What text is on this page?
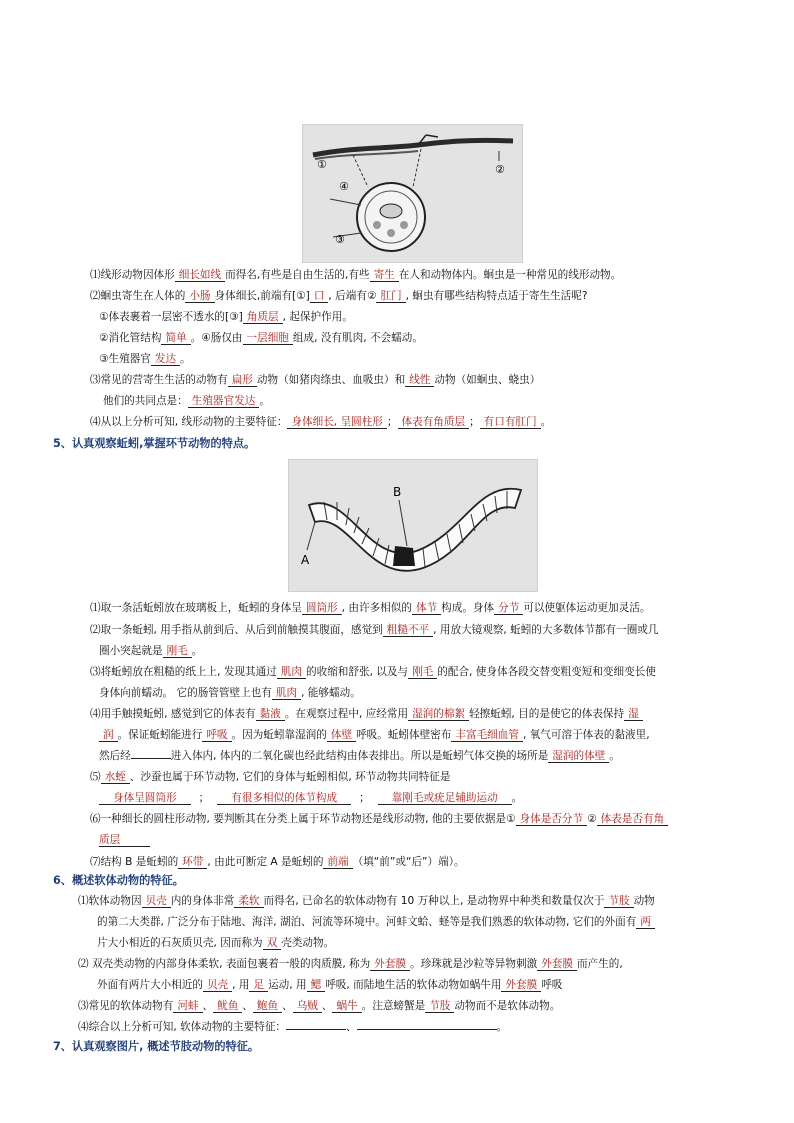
①	②
③
④
⑴线形动物因体形 细长如线 而得名,有些是自由生活的,有些 寄生 在人和动物体内。蛔虫是一种常见的线形动物。
⑵蛔虫寄生在人体的 小肠 身体细长,前端有[①] 口 , 后端有② 肛门 , 蛔虫有哪些结构特点适于寄生生活呢?
①体表裹着一层密不透水的[③] 角质层 , 起保护作用。
②消化管结构 简单 。④肠仅由 一层细胞 组成, 没有肌肉, 不会蠕动。
③生殖器官 发达 。
⑶常见的营寄生生活的动物有 扁形 动物（如猪肉绦虫、血吸虫）和 线性 动物（如蛔虫、蛲虫）
他们的共同点是： 生殖器官发达 。
⑷从以上分析可知, 线形动物的主要特征： 身体细长, 呈圆柱形 ； 体表有角质层 ； 有口有肛门 。
5、认真观察蚯蚓,掌握环节动物的特点。
B
A
⑴取一条活蚯蚓放在玻璃板上，蚯蚓的身体呈 圆筒形 , 由许多相似的 体节 构成。身体 分节 可以使躯体运动更加灵活。
⑵取一条蚯蚓, 用手指从前到后、从后到前触摸其腹面，感觉到 粗糙不平 , 用放大镜观察, 蚯蚓的大多数体节都有一圈或几
圈小突起就是 刚毛 。
⑶将蚯蚓放在粗糙的纸上上, 发现其通过 肌肉 的收缩和舒张, 以及与 刚毛 的配合, 使身体各段交替变粗变短和变细变长使
身体向前蠕动。 它的肠管管壁上也有 肌肉 , 能够蠕动。
⑷用手触摸蚯蚓, 感觉到它的体表有 黏液 。在观察过程中, 应经常用 湿润的棉絮 轻擦蚯蚓, 目的是使它的体表保持 湿
润 。保证蚯蚓能进行 呼吸 。因为蚯蚓靠湿润的 体壁 呼吸。蚯蚓体壁密布 丰富毛细血管 , 氧气可溶于体表的黏液里,
然后经	进入体内, 体内的二氧化碳也经此结构由体表排出。所以是蚯蚓气体交换的场所是 湿润的体壁 。
⑸ 水蛭 、沙蚕也属于环节动物, 它们的身体与蚯蚓相似, 环节动物共同特征是
身体呈圆筒形 ； 有很多相似的体节构成 ； 靠刚毛或疣足辅助运动 。
⑹一种细长的圆柱形动物, 要判断其在分类上属于环节动物还是线形动物, 他的主要依据是① 身体是否分节 ② 体表是否有角
质层
⑺结构 B 是蚯蚓的 环带 , 由此可断定 A 是蚯蚓的 前端 （填“前”或“后”）端）。
6、概述软体动物的特征。
⑴软体动物因 贝壳 内的身体非常 柔软 而得名, 已命名的软体动物有 10 万种以上, 是动物界中种类和数量仅次于 节肢 动物
的第二大类群, 广泛分布于陆地、海洋, 湖泊、河流等环境中。河蚌文蛤、蛏等是我们熟悉的软体动物, 它们的外面有 两
片大小相近的石灰质贝壳, 因而称为 双 壳类动物。
⑵ 双壳类动物的内部身体柔软, 表面包裹着一般的肉质膜, 称为 外套膜 。珍珠就是沙粒等异物刺激 外套膜 而产生的,
外面有两片大小相近的 贝壳 , 用 足 运动, 用 鳃 呼吸, 而陆地生活的软体动物如蜗牛用 外套膜 呼吸
⑶常见的软体动物有 河蚌 、 鱿鱼 、 鲍鱼 、 乌贼 、 蜗牛 。注意螃蟹是 节肢 动物而不是软体动物。
⑷综合以上分析可知, 软体动物的主要特征：	、	。
7、认真观察图片, 概述节肢动物的特征。
